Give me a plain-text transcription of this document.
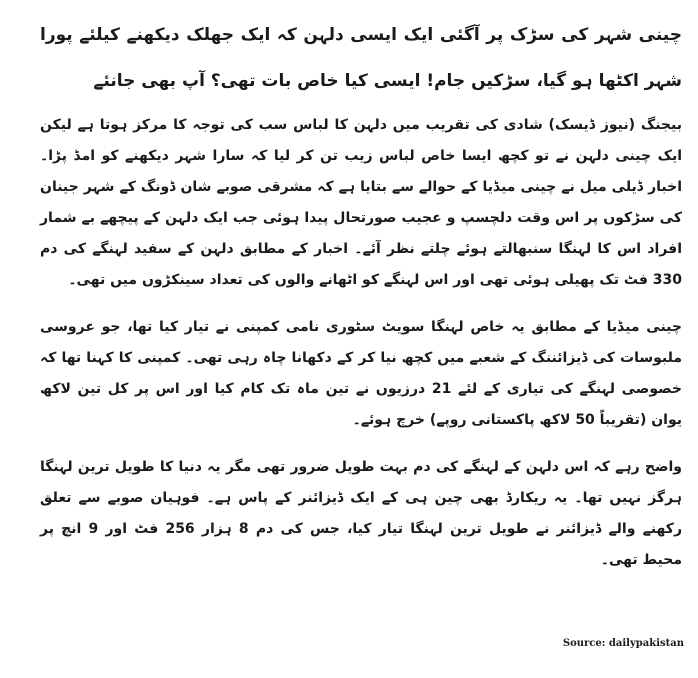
چینی شہر کی سڑک پر آگئی ایک ایسی دلہن کہ ایک جھلک دیکھنے کیلئے پورا شہر اکٹھا ہو گیا، سڑکیں جام! ایسی کیا خاص بات تھی؟ آپ بھی جانئے

بیجنگ (نیوز ڈیسک) شادی کی تقریب میں دلہن کا لباس سب کی توجہ کا مرکز ہوتا ہے لیکن ایک چینی دلہن نے تو کچھ ایسا خاص لباس زیب تن کر لیا کہ سارا شہر دیکھنے کو امڈ پڑا۔ اخبار ڈیلی میل نے چینی میڈیا کے حوالے سے بتایا ہے کہ مشرقی صوبے شان ڈونگ کے شہر جینان کی سڑکوں پر اس وقت دلچسپ و عجیب صورتحال پیدا ہوئی جب ایک دلہن کے پیچھے بے شمار افراد اس کا لہنگا سنبھالتے ہوئے چلتے نظر آئے۔ اخبار کے مطابق دلہن کے سفید لہنگے کی دم 330 فٹ تک پھیلی ہوئی تھی اور اس لہنگے کو اٹھانے والوں کی تعداد سینکڑوں میں تھی۔

چینی میڈیا کے مطابق یہ خاص لہنگا سویٹ سٹوری نامی کمپنی نے تیار کیا تھا، جو عروسی ملبوسات کی ڈیزائننگ کے شعبے میں کچھ نیا کر کے دکھانا چاہ رہی تھی۔ کمپنی کا کہنا تھا کہ خصوصی لہنگے کی تیاری کے لئے 21 درزیوں نے تین ماہ تک کام کیا اور اس پر کل تین لاکھ یوان (تقریباً 50 لاکھ پاکستانی روپے) خرچ ہوئے۔

واضح رہے کہ اس دلہن کے لہنگے کی دم بہت طویل ضرور تھی مگر یہ دنیا کا طویل ترین لہنگا ہرگز نہیں تھا۔ یہ ریکارڈ بھی چین ہی کے ایک ڈیزائنر کے پاس ہے۔ فوہیان صوبے سے تعلق رکھنے والے ڈیزائنر نے طویل ترین لہنگا تیار کیا، جس کی دم 8 ہزار 256 فٹ اور 9 انچ پر محیط تھی۔

Source: dailypakistan
